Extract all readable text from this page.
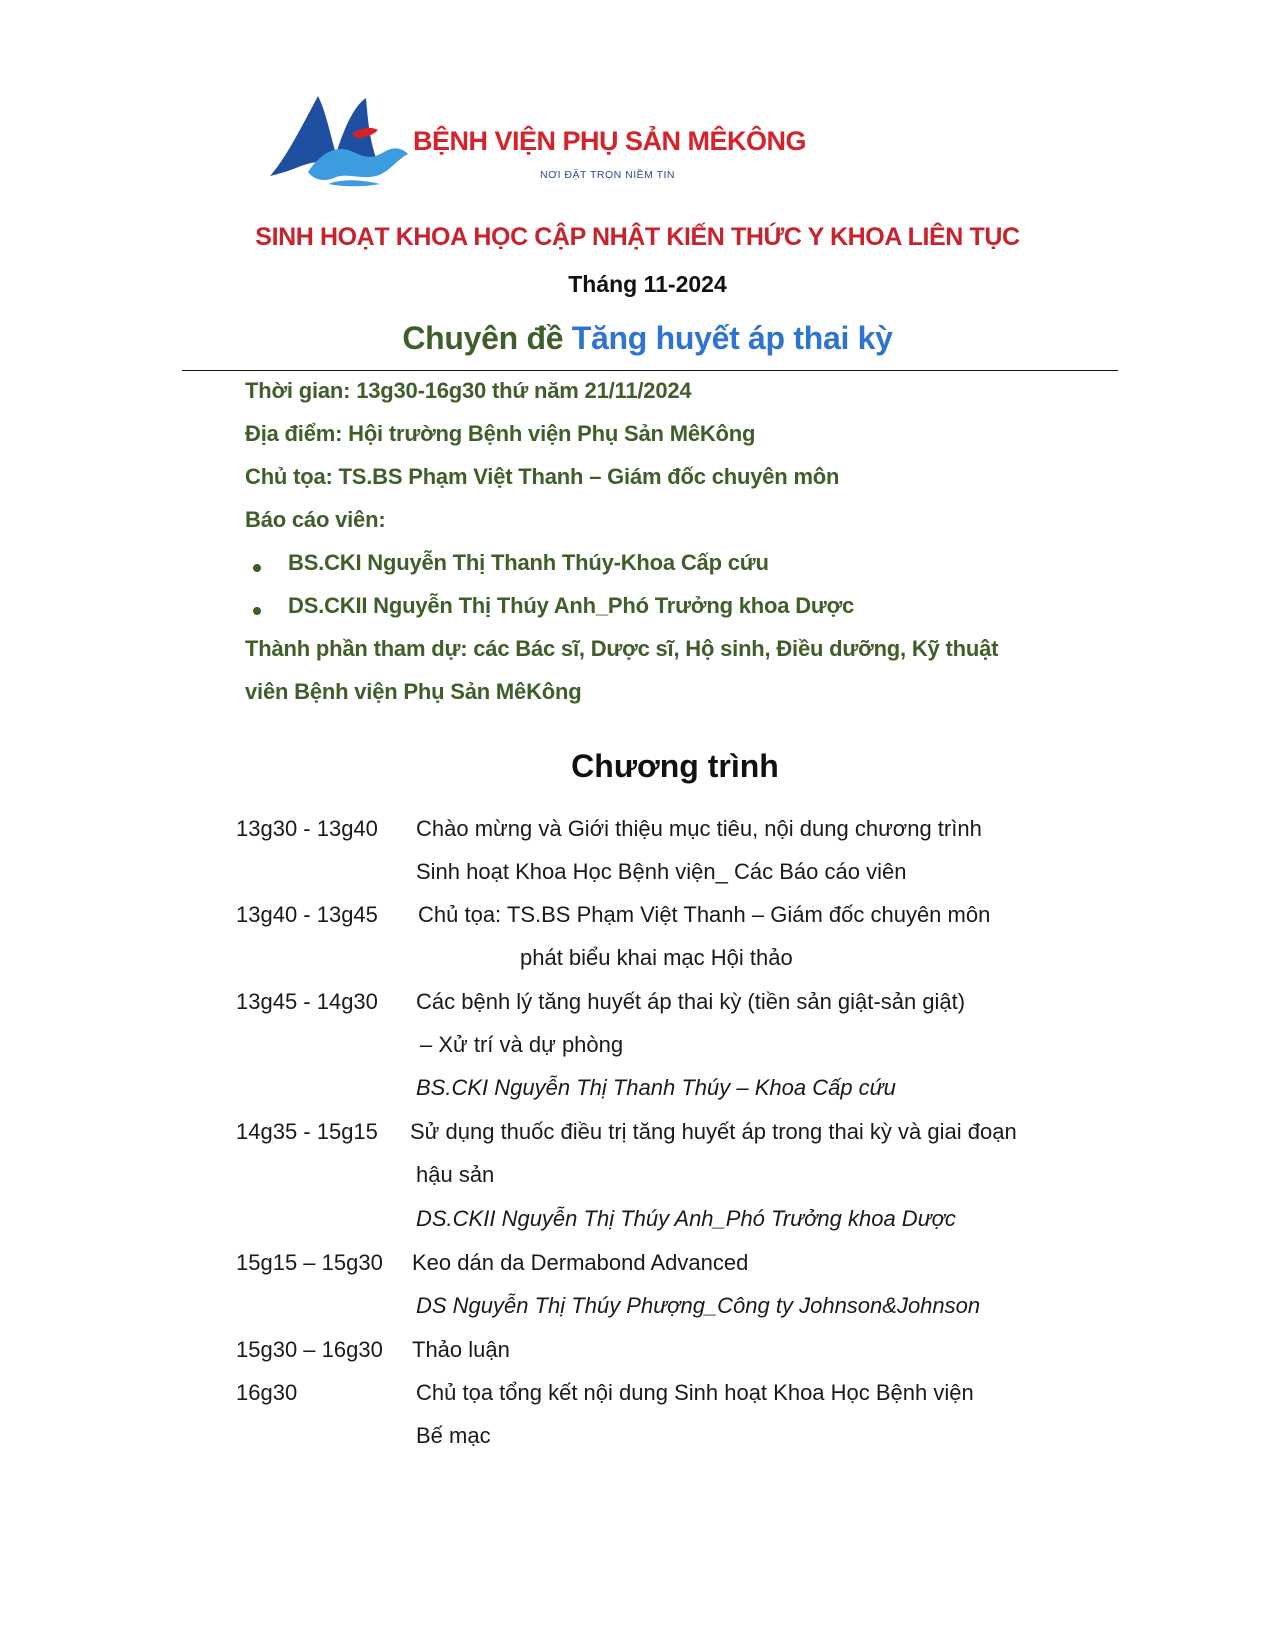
BỆNH VIỆN PHỤ SẢN MÊKÔNG
NƠI ĐẶT TRỌN NIỀM TIN
SINH HOẠT KHOA HỌC CẬP NHẬT KIẾN THỨC Y KHOA LIÊN TỤC
Tháng 11-2024
Chuyên đề Tăng huyết áp thai kỳ
Thời gian: 13g30-16g30 thứ năm 21/11/2024
Địa điểm: Hội trường Bệnh viện Phụ Sản MêKông
Chủ tọa: TS.BS Phạm Việt Thanh – Giám đốc chuyên môn
Báo cáo viên:
BS.CKI Nguyễn Thị Thanh Thúy-Khoa Cấp cứu
DS.CKII Nguyễn Thị Thúy Anh_Phó Trưởng khoa Dược
Thành phần tham dự: các Bác sĩ, Dược sĩ, Hộ sinh, Điều dưỡng, Kỹ thuật
viên Bệnh viện Phụ Sản MêKông
Chương trình
13g30 - 13g40 Chào mừng và Giới thiệu mục tiêu, nội dung chương trình
Sinh hoạt Khoa Học Bệnh viện_ Các Báo cáo viên
13g40 - 13g45 Chủ tọa: TS.BS Phạm Việt Thanh – Giám đốc chuyên môn
phát biểu khai mạc Hội thảo
13g45 - 14g30 Các bệnh lý tăng huyết áp thai kỳ (tiền sản giật-sản giật)
– Xử trí và dự phòng
BS.CKI Nguyễn Thị Thanh Thúy – Khoa Cấp cứu
14g35 - 15g15 Sử dụng thuốc điều trị tăng huyết áp trong thai kỳ và giai đoạn
hậu sản
DS.CKII Nguyễn Thị Thúy Anh_Phó Trưởng khoa Dược
15g15 – 15g30 Keo dán da Dermabond Advanced
DS Nguyễn Thị Thúy Phượng_Công ty Johnson&Johnson
15g30 – 16g30 Thảo luận
16g30	Chủ tọa tổng kết nội dung Sinh hoạt Khoa Học Bệnh viện
Bế mạc
